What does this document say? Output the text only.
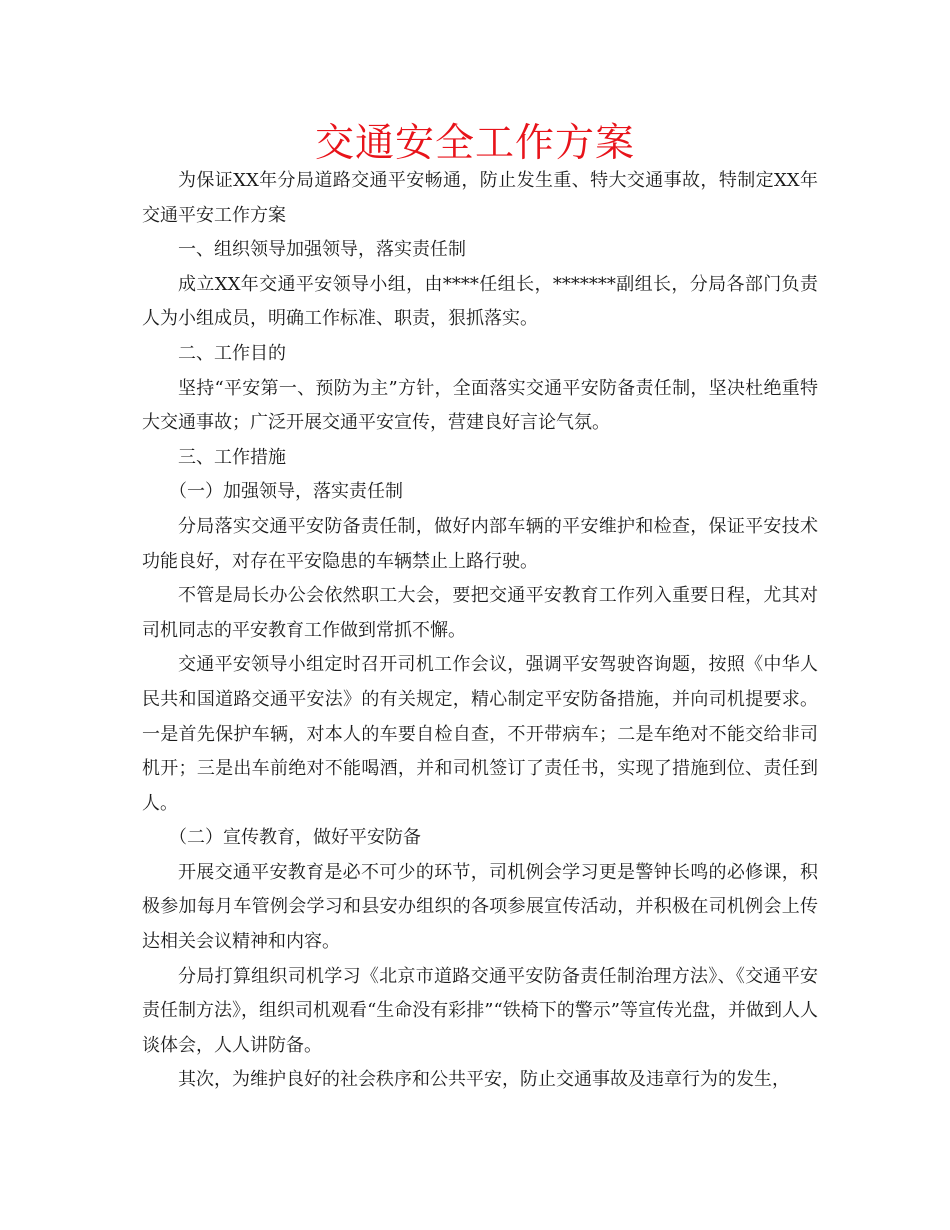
交通安全工作方案

为保证XX年分局道路交通平安畅通，防止发生重、特大交通事故，特制定XX年交通平安工作方案

一、组织领导加强领导，落实责任制

成立XX年交通平安领导小组，由****任组长，*******副组长，分局各部门负责人为小组成员，明确工作标准、职责，狠抓落实。

二、工作目的

坚持“平安第一、预防为主”方针，全面落实交通平安防备责任制，坚决杜绝重特大交通事故；广泛开展交通平安宣传，营建良好言论气氛。

三、工作措施

（一）加强领导，落实责任制

分局落实交通平安防备责任制，做好内部车辆的平安维护和检查，保证平安技术功能良好，对存在平安隐患的车辆禁止上路行驶。

不管是局长办公会依然职工大会，要把交通平安教育工作列入重要日程，尤其对司机同志的平安教育工作做到常抓不懈。

交通平安领导小组定时召开司机工作会议，强调平安驾驶咨询题，按照《中华人民共和国道路交通平安法》的有关规定，精心制定平安防备措施，并向司机提要求。一是首先保护车辆，对本人的车要自检自查，不开带病车；二是车绝对不能交给非司机开；三是出车前绝对不能喝酒，并和司机签订了责任书，实现了措施到位、责任到人。

（二）宣传教育，做好平安防备

开展交通平安教育是必不可少的环节，司机例会学习更是警钟长鸣的必修课，积极参加每月车管例会学习和县安办组织的各项参展宣传活动，并积极在司机例会上传达相关会议精神和内容。

分局打算组织司机学习《北京市道路交通平安防备责任制治理方法》、《交通平安责任制方法》，组织司机观看“生命没有彩排”“铁椅下的警示”等宣传光盘，并做到人人谈体会，人人讲防备。

其次，为维护良好的社会秩序和公共平安，防止交通事故及违章行为的发生，
